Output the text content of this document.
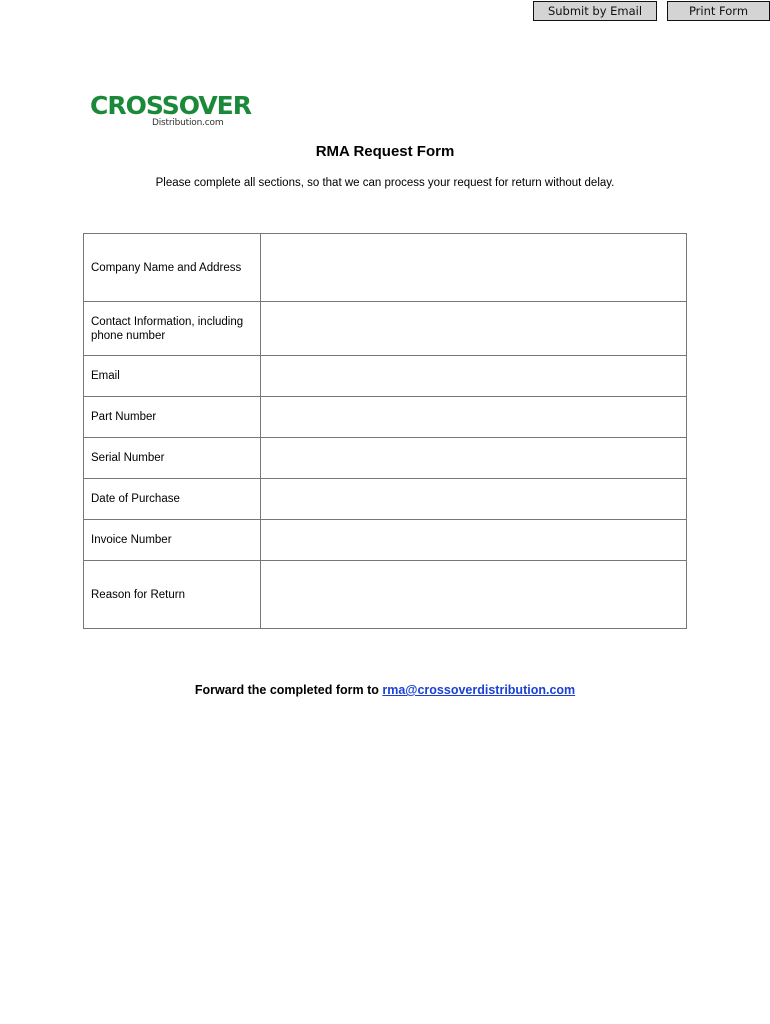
Submit by Email	Print Form
CROSSOVER
Distribution.com
RMA Request Form
Please complete all sections, so that we can process your request for return without delay.
Company Name and Address	
Contact Information, including phone number	
Email	
Part Number	
Serial Number	
Date of Purchase	
Invoice Number	
Reason for Return	
Forward the completed form to rma@crossoverdistribution.com
